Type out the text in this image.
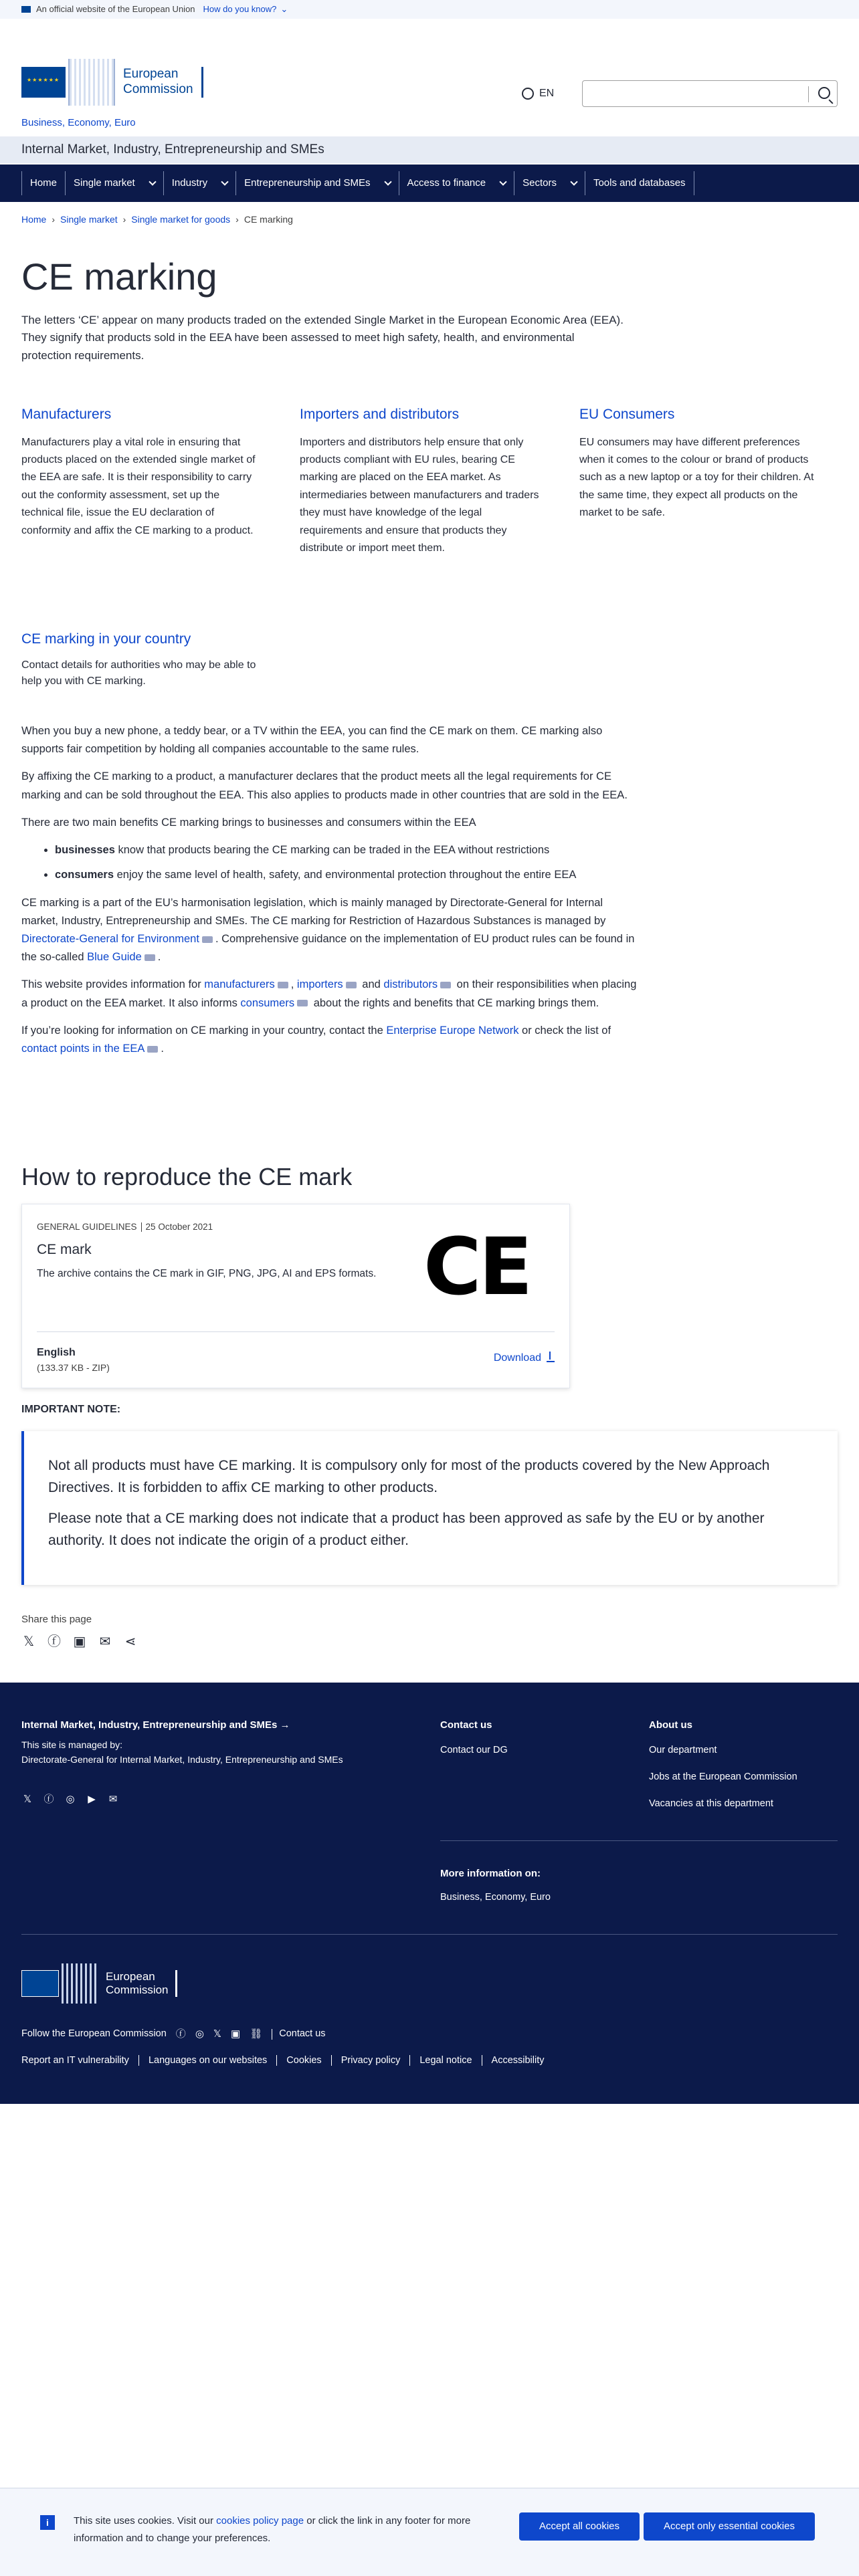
An official website of the European Union How do you know? ⌄
★★★★★★
European
Commission	EN
Business, Economy, Euro
Internal Market, Industry, Entrepreneurship and SMEs
Home Single market	Industry	Entrepreneurship and SMEs	Access to finance	Sectors	Tools and databases
Home › Single market › Single market for goods › CE marking
CE marking

The letters ‘CE’ appear on many products traded on the extended Single Market in the European Economic Area (EEA). They signify that products sold in the EEA have been assessed to meet high safety, health, and environmental protection requirements.

Manufacturers

Manufacturers play a vital role in ensuring that products placed on the extended single market of the EEA are safe. It is their responsibility to carry out the conformity assessment, set up the technical file, issue the EU declaration of conformity and affix the CE marking to a product.

Importers and distributors

Importers and distributors help ensure that only products compliant with EU rules, bearing CE marking are placed on the EEA market. As intermediaries between manufacturers and traders they must have knowledge of the legal requirements and ensure that products they distribute or import meet them.

EU Consumers

EU consumers may have different preferences when it comes to the colour or brand of products such as a new laptop or a toy for their children. At the same time, they expect all products on the market to be safe.

CE marking in your country

Contact details for authorities who may be able to help you with CE marking.

When you buy a new phone, a teddy bear, or a TV within the EEA, you can find the CE mark on them. CE marking also supports fair competition by holding all companies accountable to the same rules.

By affixing the CE marking to a product, a manufacturer declares that the product meets all the legal requirements for CE marking and can be sold throughout the EEA. This also applies to products made in other countries that are sold in the EEA.

There are two main benefits CE marking brings to businesses and consumers within the EEA

• businesses know that products bearing the CE marking can be traded in the EEA without restrictions
• consumers enjoy the same level of health, safety, and environmental protection throughout the entire EEA

CE marking is a part of the EU’s harmonisation legislation, which is mainly managed by Directorate-General for Internal market, Industry, Entrepreneurship and SMEs. The CE marking for Restriction of Hazardous Substances is managed by Directorate-General for Environment . Comprehensive guidance on the implementation of EU product rules can be found in the so-called Blue Guide .

This website provides information for manufacturers , importers and distributors on their responsibilities when placing a product on the EEA market. It also informs consumers about the rights and benefits that CE marking brings them.

If you’re looking for information on CE marking in your country, contact the Enterprise Europe Network or check the list of contact points in the EEA .

How to reproduce the CE mark
GENERAL GUIDELINES 25 October 2021
CE mark
The archive contains the CE mark in GIF, PNG, JPG, AI and EPS formats. CE
English
(133.37 KB - ZIP)
Download
IMPORTANT NOTE:

Not all products must have CE marking. It is compulsory only for most of the products covered by the New Approach Directives. It is forbidden to affix CE marking to other products.

Please note that a CE marking does not indicate that a product has been approved as safe by the EU or by another authority. It does not indicate the origin of a product either.

Share this page
𝕏 ⓕ ▣ ✉ ⋖
Internal Market, Industry, Entrepreneurship and SMEs →
This site is managed by:
Directorate-General for Internal Market, Industry, Entrepreneurship and SMEs
𝕏 ⓕ ◎ ▶ ✉
Contact us
Contact our DG
About us
Our department
Jobs at the European Commission
Vacancies at this department
More information on:
Business, Economy, Euro
European
Commission
Follow the European Commission ⓕ ◎ 𝕏 ▣ ⛓ Contact us
Report an IT vulnerability Languages on our websites Cookies Privacy policy Legal notice Accessibility
i	This site uses cookies. Visit our cookies policy page or click the link in any footer for more information and to change your preferences.
Accept all cookies	Accept only essential cookies
